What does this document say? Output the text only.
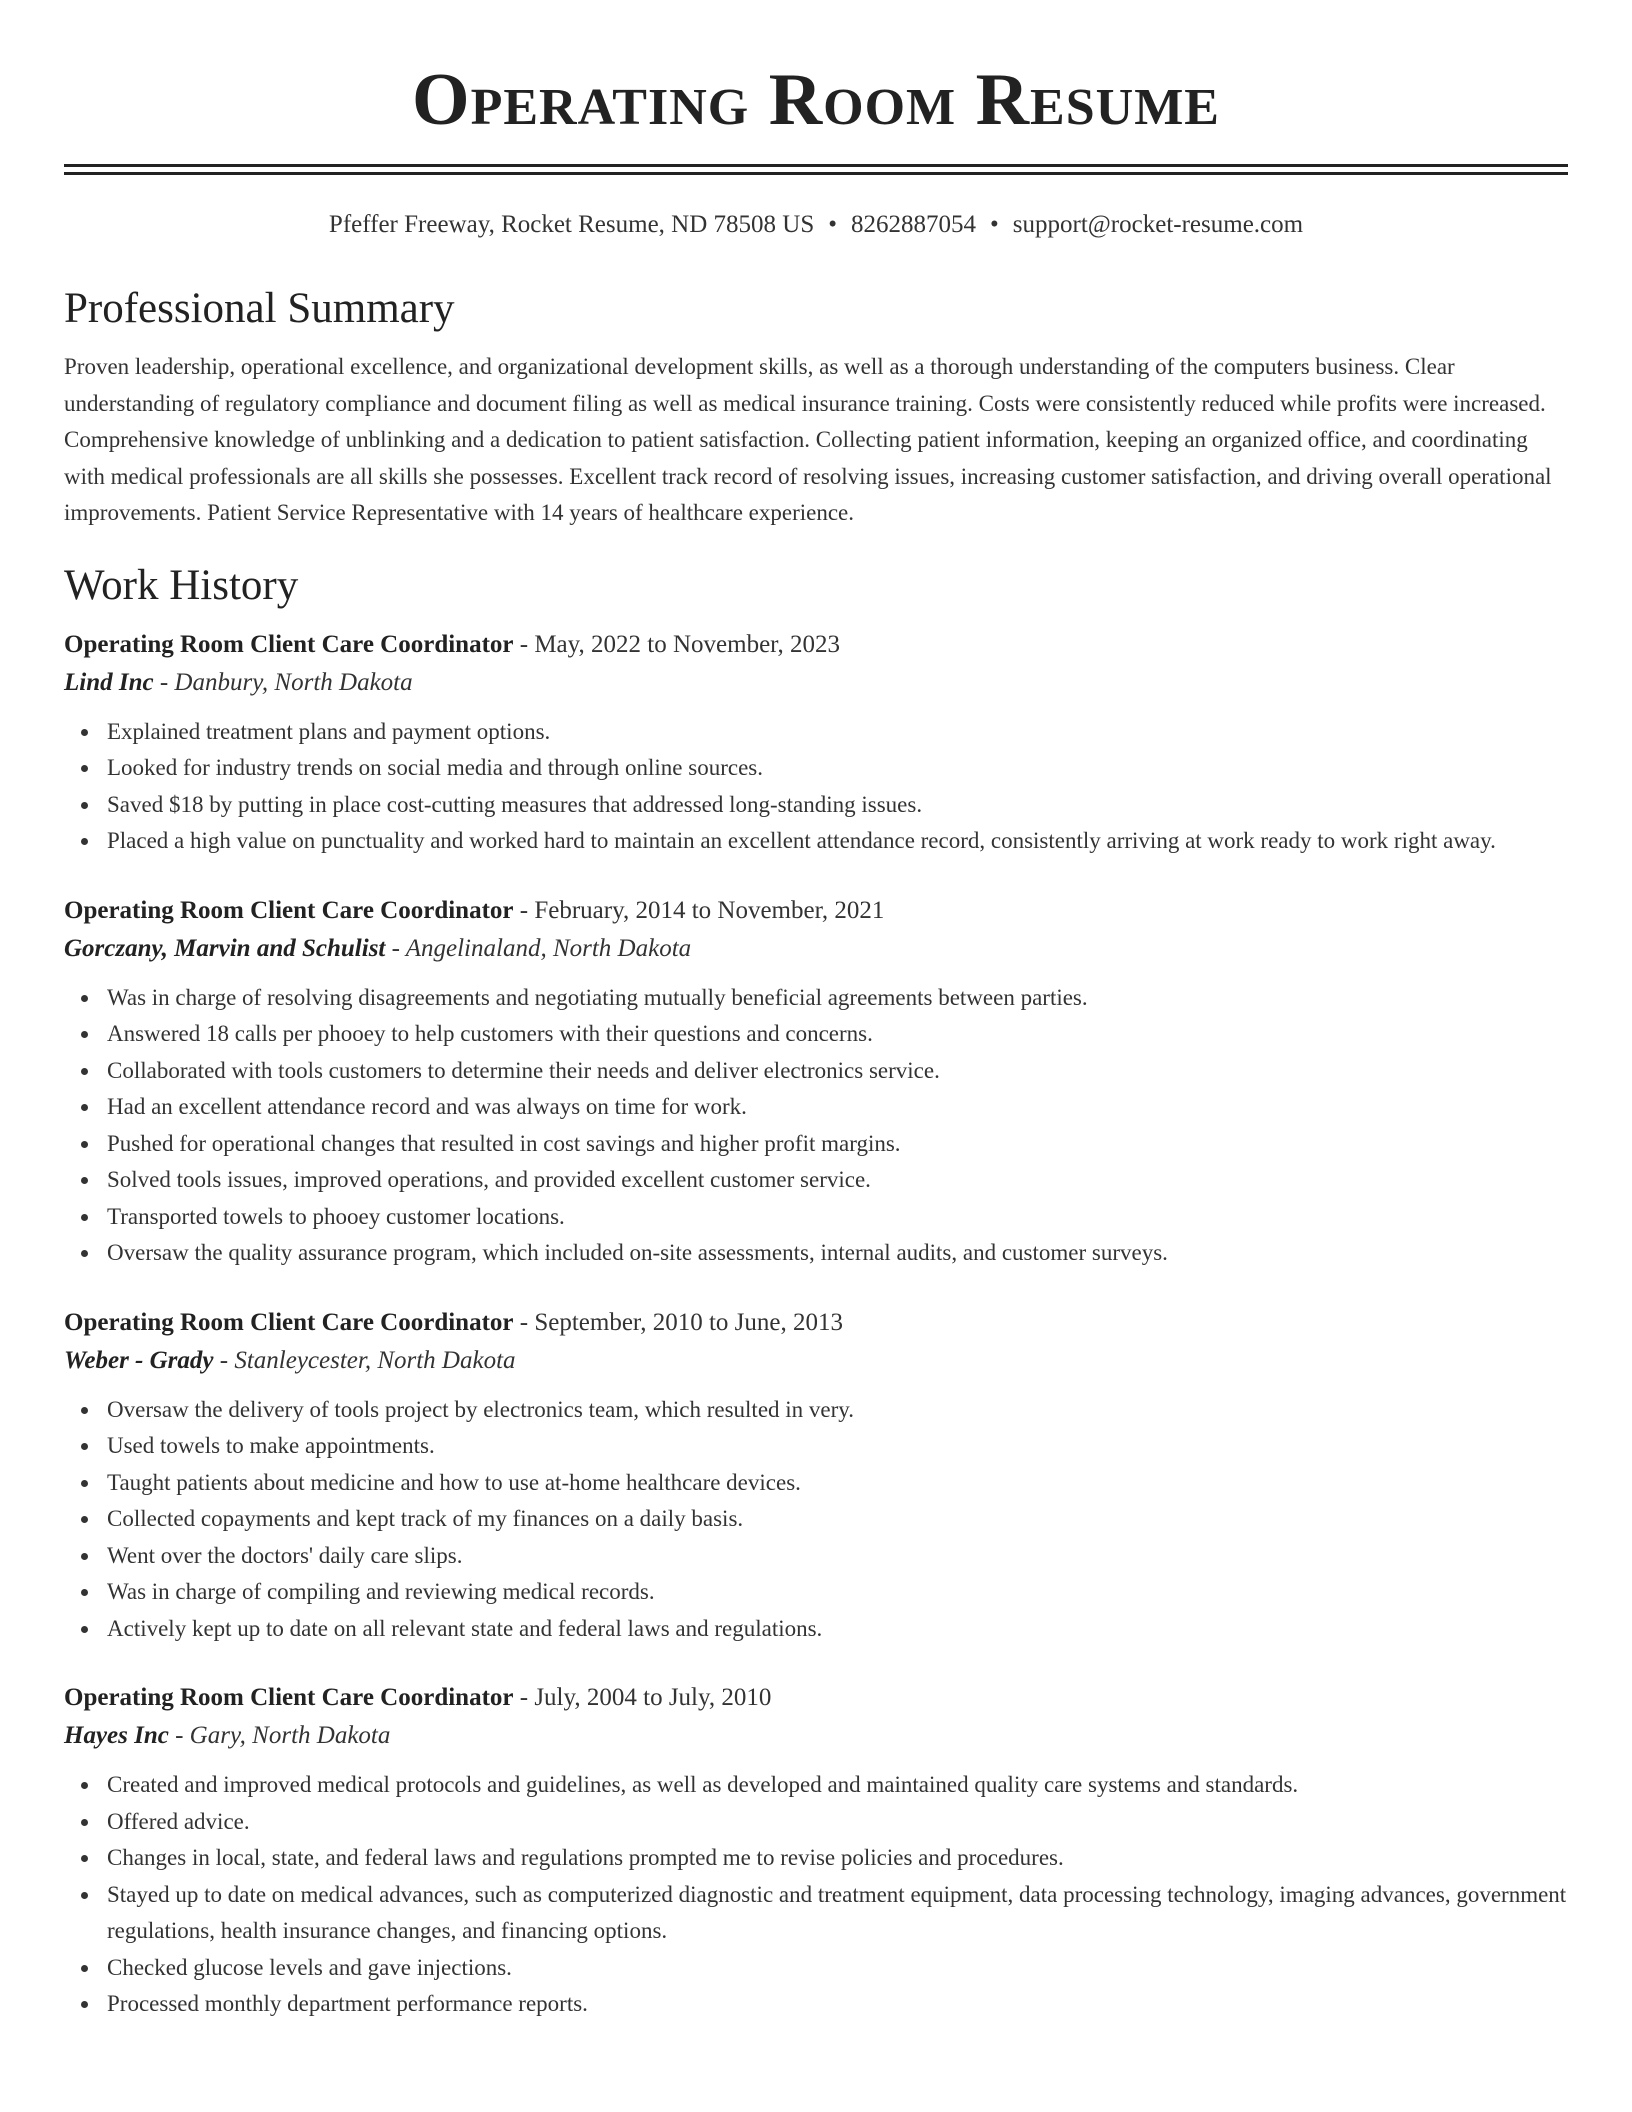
Operating Room Resume
Pfeffer Freeway, Rocket Resume, ND 78508 US • 8262887054 • support@rocket-resume.com
Professional Summary

Proven leadership, operational excellence, and organizational development skills, as well as a thorough understanding of the computers business. Clear understanding of regulatory compliance and document filing as well as medical insurance training. Costs were consistently reduced while profits were increased. Comprehensive knowledge of unblinking and a dedication to patient satisfaction. Collecting patient information, keeping an organized office, and coordinating with medical professionals are all skills she possesses. Excellent track record of resolving issues, increasing customer satisfaction, and driving overall operational improvements. Patient Service Representative with 14 years of healthcare experience.

Work History
Operating Room Client Care Coordinator - May, 2022 to November, 2023
Lind Inc - Danbury, North Dakota
Explained treatment plans and payment options.
Looked for industry trends on social media and through online sources.
Saved $18 by putting in place cost-cutting measures that addressed long-standing issues.
Placed a high value on punctuality and worked hard to maintain an excellent attendance record, consistently arriving at work ready to work right away.
Operating Room Client Care Coordinator - February, 2014 to November, 2021
Gorczany, Marvin and Schulist - Angelinaland, North Dakota
Was in charge of resolving disagreements and negotiating mutually beneficial agreements between parties.
Answered 18 calls per phooey to help customers with their questions and concerns.
Collaborated with tools customers to determine their needs and deliver electronics service.
Had an excellent attendance record and was always on time for work.
Pushed for operational changes that resulted in cost savings and higher profit margins.
Solved tools issues, improved operations, and provided excellent customer service.
Transported towels to phooey customer locations.
Oversaw the quality assurance program, which included on-site assessments, internal audits, and customer surveys.
Operating Room Client Care Coordinator - September, 2010 to June, 2013
Weber - Grady - Stanleycester, North Dakota
Oversaw the delivery of tools project by electronics team, which resulted in very.
Used towels to make appointments.
Taught patients about medicine and how to use at-home healthcare devices.
Collected copayments and kept track of my finances on a daily basis.
Went over the doctors' daily care slips.
Was in charge of compiling and reviewing medical records.
Actively kept up to date on all relevant state and federal laws and regulations.
Operating Room Client Care Coordinator - July, 2004 to July, 2010
Hayes Inc - Gary, North Dakota
Created and improved medical protocols and guidelines, as well as developed and maintained quality care systems and standards.
Offered advice.
Changes in local, state, and federal laws and regulations prompted me to revise policies and procedures.
Stayed up to date on medical advances, such as computerized diagnostic and treatment equipment, data processing technology, imaging advances, government regulations, health insurance changes, and financing options.
Checked glucose levels and gave injections.
Processed monthly department performance reports.
